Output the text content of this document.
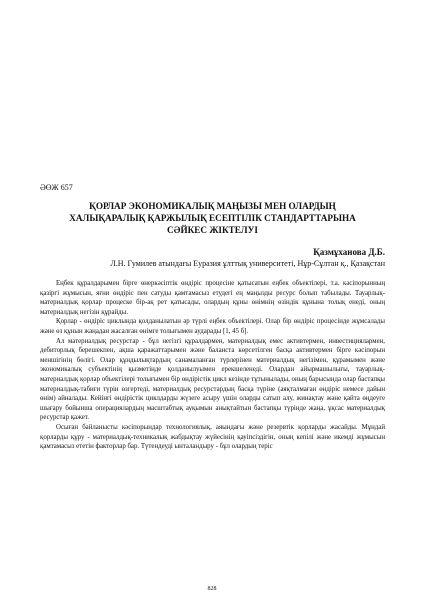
ӘӨЖ 657
ҚОРЛАР ЭКОНОМИКАЛЫҚ МАҢЫЗЫ МЕН ОЛАРДЫҢ
ХАЛЫҚАРАЛЫҚ ҚАРЖЫЛЫҚ ЕСЕПТІЛІК СТАНДАРТТАРЫНА
СӘЙКЕС ЖІКТЕЛУІ
Қазмұханова Д.Б.
Л.Н. Гумилев атындағы Еуразия ұлттық университеті, Нұр-Сұлтан қ., Қазақстан

Еңбек құралдарымен бірге өнеркәсіптік өндіріс процесіне қатысатын еңбек объектілері, т.а. кәсіпорынның қазіргі жұмысын, яғни өндіріс пен сатуды қамтамасыз етудегі ең маңызды ресурс болып табылады. Тауарлық-материалдық қорлар процеске бір-ақ рет қатысады, олардың құны өнімнің өзіндік құнына толық енеді, оның материалдық негізін құрайды.

Қорлар - өндіріс циклында қолданылатын әр түрлі еңбек объектілері. Олар бір өндіріс процесінде жұмсалады және өз құнын жаңадан жасалған өнімге толығымен аударады [1, 45 б].

Ал материалдық ресурстар - бұл негізгі құралдармен, материалдық емес активтермен, инвестициялармен, дебиторлық берешекпен, ақша қаражаттарымен және баланста көрсетілген басқа активтермен бірге кәсіпорын меншігінің бөлігі. Олар құндылықтардың санамаланған түрлерінен материалдық негізімен, құрамымен және экономикалық субъектінің қызметінде қолданылуымен ерекшеленеді. Олардан айырмашылығы, тауарлық-материалдық қорлар объектілері толығымен бір өндірістік цикл кезінде тұтынылады, оның барысында олар бастапқы материалдық-табиғи түрін өзгертеді, материалдық ресурстардың басқа түріне (аяқталмаған өндіріс немесе дайын өнім) айналады. Кейінгі өндірістік циклдарды жүзеге асыру үшін оларды сатып алу, жинақтау және қайта өңдеуге шығару бойынша операциялардың масштабтық ауқымын анықтайтын бастапқы түрінде жаңа, ұқсас материалдық ресурстар қажет.

Осыған байланысты кәсіпорындар технологиялық, аяындағы және резервтік қорларды жасайды. Мұндай қорларды құру - материалдық-техникалық жабдықтау жүйесінің қауіпсіздігін, оның кепілі және икемді жұмысын қамтамасыз ететін факторлар бар. Түтендеуді ынталандыру - бұл олардың теріс

828
